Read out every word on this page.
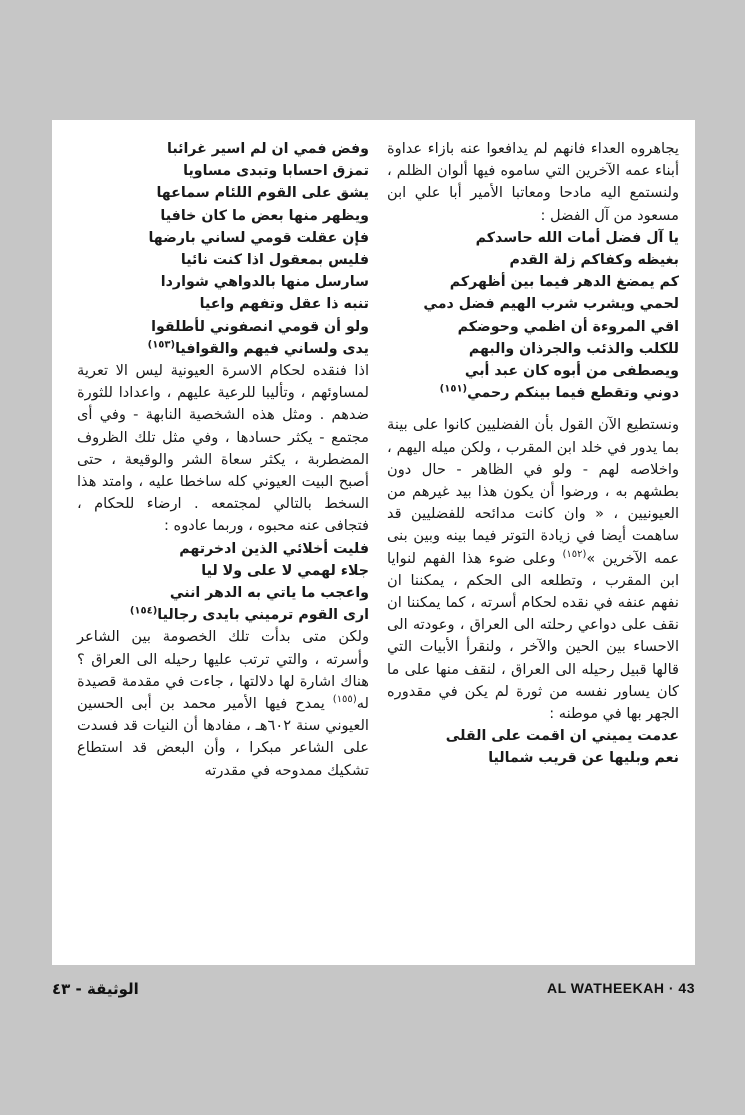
يجاهروه العداء فانهم لم يدافعوا عنه بازاء عداوة أبناء عمه الآخرين التي ساموه فيها ألوان الظلم ، ولنستمع اليه مادحا ومعاتبا الأمير أبا علي ابن مسعود من آل الفضل :

يا آل فضل أمات الله حاسدكم

بغيظه وكفاكم زلة القدم

كم يمضغ الدهر فيما بين أظهركم

لحمي ويشرب شرب الهيم فضل دمي

اقي المروءة أن اظمي وحوضكم

للكلب والذئب والجرذان والبهم

ويصطفى من أبوه كان عبد أبي

دوني وتقطع فيما بينكم رحمي$^{(١٥١)}$

ونستطيع الآن القول بأن الفضليين كانوا على بينة بما يدور في خلد ابن المقرب ، ولكن ميله اليهم ، واخلاصه لهم - ولو في الظاهر - حال دون بطشهم به ، ورضوا أن يكون هذا بيد غيرهم من العيونيين ، « وان كانت مدائحه للفضليين قد ساهمت أيضا في زيادة التوتر فيما بينه وبين بنى عمه الآخرين »$^{(١٥٢)}$ وعلى ضوء هذا الفهم لنوايا ابن المقرب ، وتطلعه الى الحكم ، يمكننا ان نفهم عنفه في نقده لحكام أسرته ، كما يمكننا ان نقف على دواعي رحلته الى العراق ، وعودته الى الاحساء بين الحين والآخر ، ولنقرأ الأبيات التي قالها قبيل رحيله الى العراق ، لنقف منها على ما كان يساور نفسه من ثورة لم يكن في مقدوره الجهر بها في موطنه :

عدمت يميني ان اقمت على القلى

نعم وبليها عن قريب شماليا

وفض فمي ان لم اسير غرائبا

تمزق احسابا وتبدى مساويا

يشق على القوم اللئام سماعها

ويظهر منها بعض ما كان خافيا

فإن عقلت قومي لساني بارضها

فليس بمعقول اذا كنت نائيا

سارسل منها بالدواهي شواردا

تنبه ذا عقل وتفهم واعيا

ولو أن قومي انصفوني لأطلقوا

يدى ولساني فيهم والقوافيا$^{(١٥٣)}$

اذا فنقده لحكام الاسرة العيونية ليس الا تعرية لمساوئهم ، وتأليبا للرعية عليهم ، واعدادا للثورة ضدهم . ومثل هذه الشخصية النابهة - وفي أى مجتمع - يكثر حسادها ، وفي مثل تلك الظروف المضطربة ، يكثر سعاة الشر والوقيعة ، حتى أصبح البيت العيوني كله ساخطا عليه ، وامتد هذا السخط بالتالي لمجتمعه . ارضاء للحكام ، فتجافى عنه محبوه ، وربما عادوه :

فليت أخلائي الذين ادخرتهم

جلاء لهمي لا على ولا ليا

واعجب ما ياتي به الدهر انني

ارى القوم ترميني بايدى رجاليا$^{(١٥٤)}$

ولكن متى بدأت تلك الخصومة بين الشاعر وأسرته ، والتي ترتب عليها رحيله الى العراق ؟ هناك اشارة لها دلالتها ، جاءت في مقدمة قصيدة له$^{(١٥٥)}$ يمدح فيها الأمير محمد بن أبى الحسين العيوني سنة ٦٠٢هـ ، مفادها أن النيات قد فسدت على الشاعر مبكرا ، وأن البعض قد استطاع تشكيك ممدوحه في مقدرته

الوثيقة - ٤٣	AL WATHEEKAH · 43
